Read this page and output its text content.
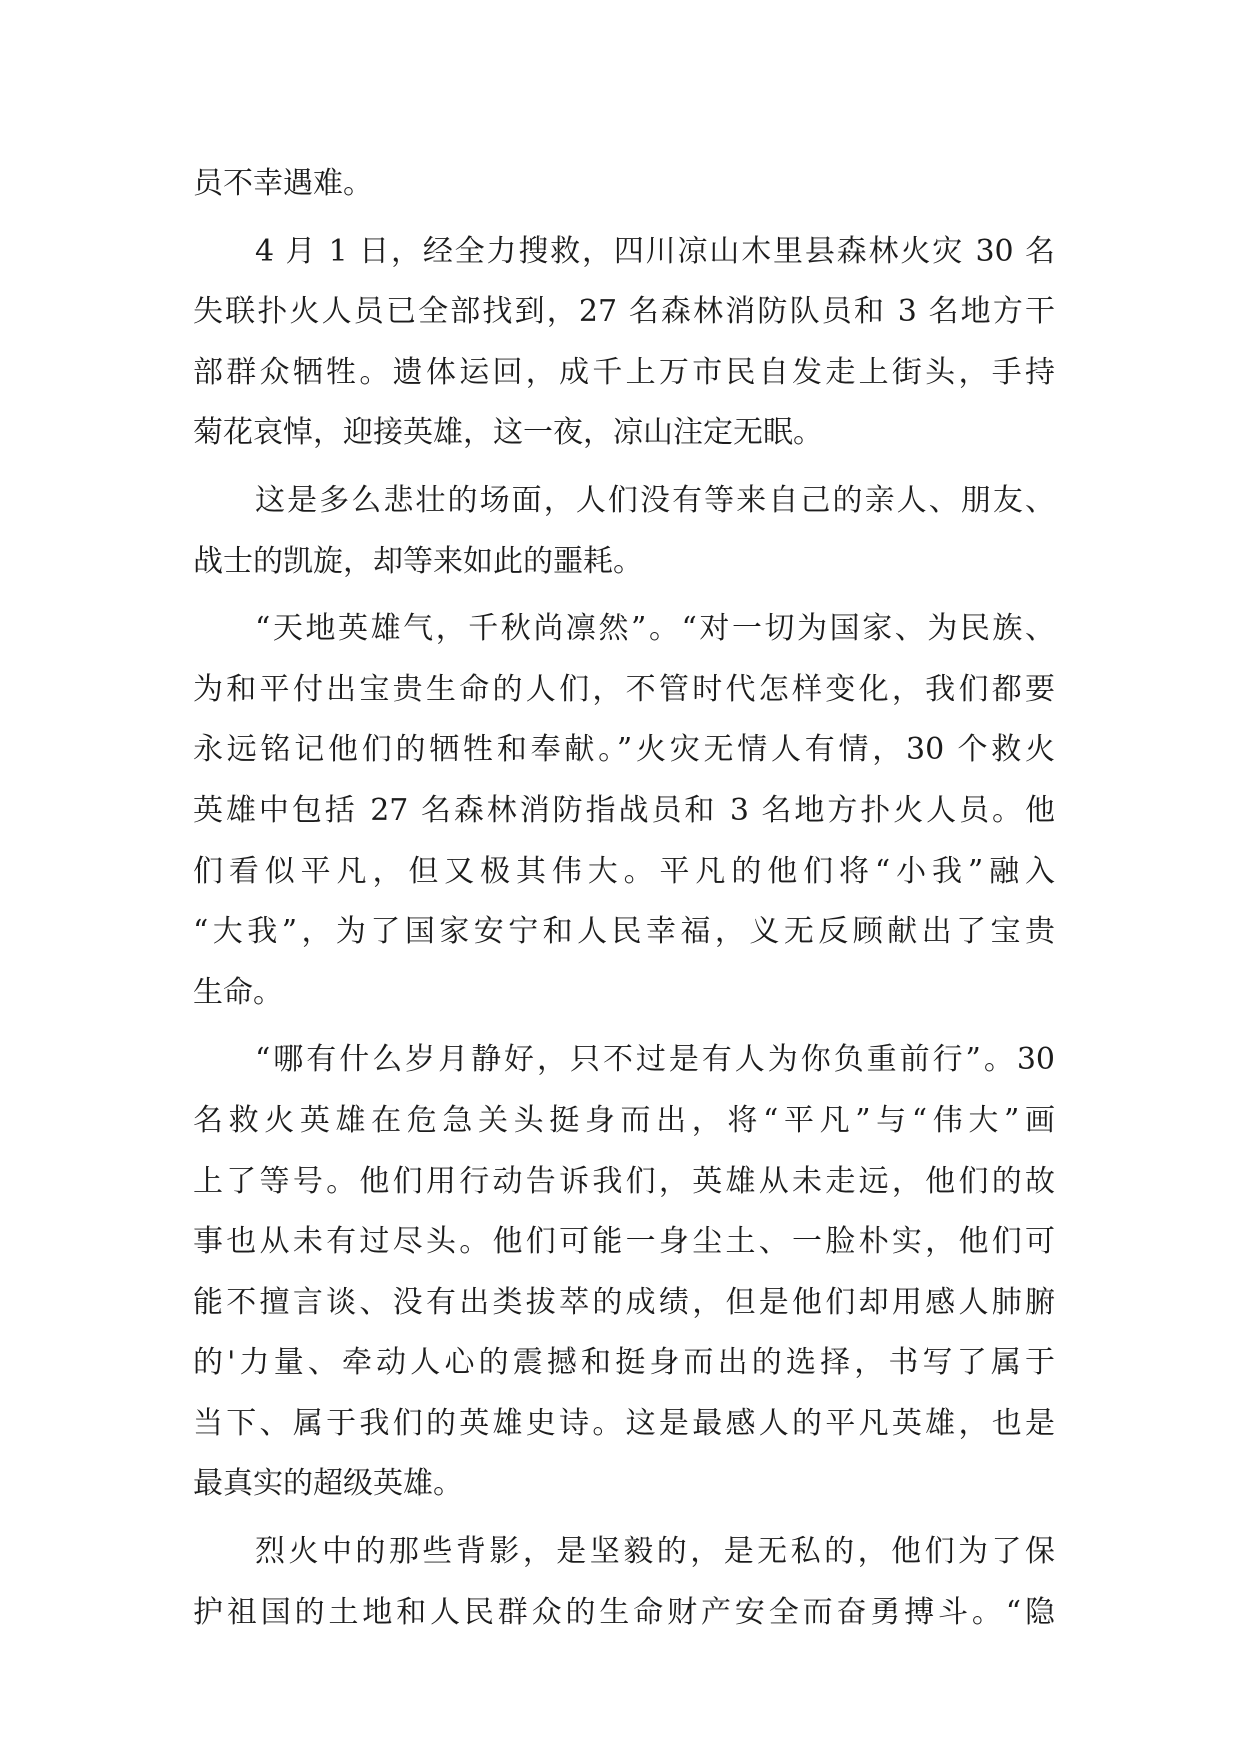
员不幸遇难。
4 月 1 日，经全力搜救，四川凉山木里县森林火灾 30 名
失联扑火人员已全部找到，27 名森林消防队员和 3 名地方干
部群众牺牲。遗体运回，成千上万市民自发走上街头，手持
菊花哀悼，迎接英雄，这一夜，凉山注定无眠。
这是多么悲壮的场面，人们没有等来自己的亲人、朋友、
战士的凯旋，却等来如此的噩耗。
“天地英雄气，千秋尚凛然”。“对一切为国家、为民族、
为和平付出宝贵生命的人们，不管时代怎样变化，我们都要
永远铭记他们的牺牲和奉献。”火灾无情人有情，30 个救火
英雄中包括 27 名森林消防指战员和 3 名地方扑火人员。他
们看似平凡，但又极其伟大。平凡的他们将“小我”融入
“大我”，为了国家安宁和人民幸福，义无反顾献出了宝贵
生命。
“哪有什么岁月静好，只不过是有人为你负重前行”。30
名救火英雄在危急关头挺身而出，将“平凡”与“伟大”画
上了等号。他们用行动告诉我们，英雄从未走远，他们的故
事也从未有过尽头。他们可能一身尘土、一脸朴实，他们可
能不擅言谈、没有出类拔萃的成绩，但是他们却用感人肺腑
的'力量、牵动人心的震撼和挺身而出的选择，书写了属于
当下、属于我们的英雄史诗。这是最感人的平凡英雄，也是
最真实的超级英雄。
烈火中的那些背影，是坚毅的，是无私的，他们为了保
护祖国的土地和人民群众的生命财产安全而奋勇搏斗。“隐
